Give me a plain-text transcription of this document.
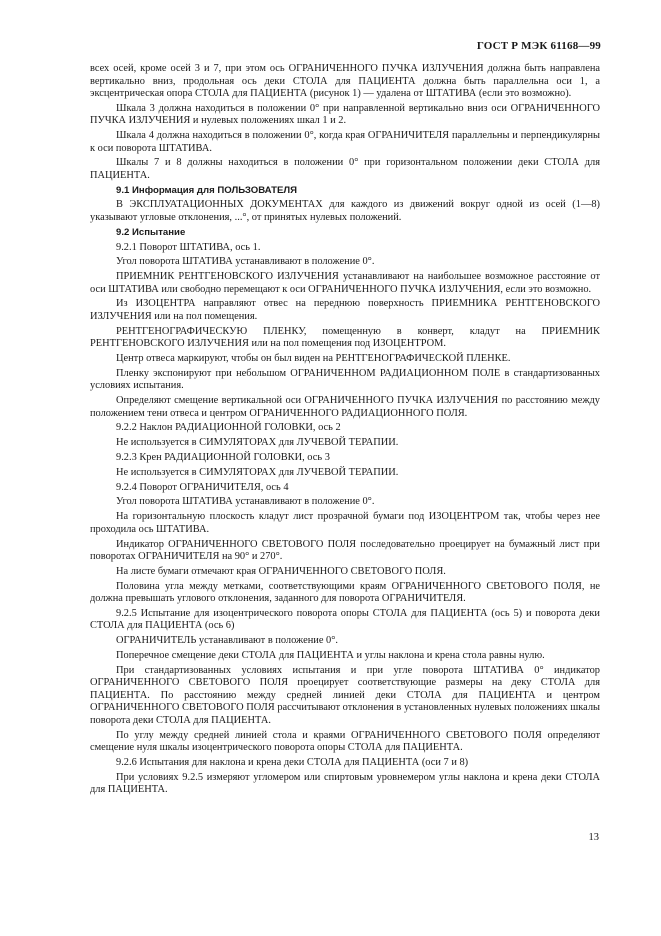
ГОСТ Р МЭК 61168—99

всех осей, кроме осей 3 и 7, при этом ось ОГРАНИЧЕННОГО ПУЧКА ИЗЛУЧЕНИЯ должна быть направлена вертикально вниз, продольная ось деки СТОЛА для ПАЦИЕНТА должна быть параллельна оси 1, а эксцентрическая опора СТОЛА для ПАЦИЕНТА (рисунок 1) — удалена от ШТАТИВА (если это возможно).

Шкала 3 должна находиться в положении 0° при направленной вертикально вниз оси ОГРАНИЧЕННОГО ПУЧКА ИЗЛУЧЕНИЯ и нулевых положениях шкал 1 и 2.

Шкала 4 должна находиться в положении 0°, когда края ОГРАНИЧИТЕЛЯ параллельны и перпендикулярны к оси поворота ШТАТИВА.

Шкалы 7 и 8 должны находиться в положении 0° при горизонтальном положении деки СТОЛА для ПАЦИЕНТА.

9.1 Информация для ПОЛЬЗОВАТЕЛЯ

В ЭКСПЛУАТАЦИОННЫХ ДОКУМЕНТАХ для каждого из движений вокруг одной из осей (1—8) указывают угловые отклонения, ...°, от принятых нулевых положений.

9.2 Испытание

9.2.1 Поворот ШТАТИВА, ось 1.

Угол поворота ШТАТИВА устанавливают в положение 0°.

ПРИЕМНИК РЕНТГЕНОВСКОГО ИЗЛУЧЕНИЯ устанавливают на наибольшее возможное расстояние от оси ШТАТИВА или свободно перемещают к оси ОГРАНИЧЕННОГО ПУЧКА ИЗЛУЧЕНИЯ, если это возможно.

Из ИЗОЦЕНТРА направляют отвес на переднюю поверхность ПРИЕМНИКА РЕНТГЕНОВСКОГО ИЗЛУЧЕНИЯ или на пол помещения.

РЕНТГЕНОГРАФИЧЕСКУЮ ПЛЕНКУ, помещенную в конверт, кладут на ПРИЕМНИК РЕНТГЕНОВСКОГО ИЗЛУЧЕНИЯ или на пол помещения под ИЗОЦЕНТРОМ.

Центр отвеса маркируют, чтобы он был виден на РЕНТГЕНОГРАФИЧЕСКОЙ ПЛЕНКЕ.

Пленку экспонируют при небольшом ОГРАНИЧЕННОМ РАДИАЦИОННОМ ПОЛЕ в стандартизованных условиях испытания.

Определяют смещение вертикальной оси ОГРАНИЧЕННОГО ПУЧКА ИЗЛУЧЕНИЯ по расстоянию между положением тени отвеса и центром ОГРАНИЧЕННОГО РАДИАЦИОННОГО ПОЛЯ.

9.2.2 Наклон РАДИАЦИОННОЙ ГОЛОВКИ, ось 2

Не используется в СИМУЛЯТОРАХ для ЛУЧЕВОЙ ТЕРАПИИ.

9.2.3 Крен РАДИАЦИОННОЙ ГОЛОВКИ, ось 3

Не используется в СИМУЛЯТОРАХ для ЛУЧЕВОЙ ТЕРАПИИ.

9.2.4 Поворот ОГРАНИЧИТЕЛЯ, ось 4

Угол поворота ШТАТИВА устанавливают в положение 0°.

На горизонтальную плоскость кладут лист прозрачной бумаги под ИЗОЦЕНТРОМ так, чтобы через нее проходила ось ШТАТИВА.

Индикатор ОГРАНИЧЕННОГО СВЕТОВОГО ПОЛЯ последовательно проецирует на бумажный лист при поворотах ОГРАНИЧИТЕЛЯ на 90° и 270°.

На листе бумаги отмечают края ОГРАНИЧЕННОГО СВЕТОВОГО ПОЛЯ.

Половина угла между метками, соответствующими краям ОГРАНИЧЕННОГО СВЕТОВОГО ПОЛЯ, не должна превышать углового отклонения, заданного для поворота ОГРАНИЧИТЕЛЯ.

9.2.5 Испытание для изоцентрического поворота опоры СТОЛА для ПАЦИЕНТА (ось 5) и поворота деки СТОЛА для ПАЦИЕНТА (ось 6)

ОГРАНИЧИТЕЛЬ устанавливают в положение 0°.

Поперечное смещение деки СТОЛА для ПАЦИЕНТА и углы наклона и крена стола равны нулю.

При стандартизованных условиях испытания и при угле поворота ШТАТИВА 0° индикатор ОГРАНИЧЕННОГО СВЕТОВОГО ПОЛЯ проецирует соответствующие размеры на деку СТОЛА для ПАЦИЕНТА. По расстоянию между средней линией деки СТОЛА для ПАЦИЕНТА и центром ОГРАНИЧЕННОГО СВЕТОВОГО ПОЛЯ рассчитывают отклонения в установленных нулевых положениях шкалы поворота деки СТОЛА для ПАЦИЕНТА.

По углу между средней линией стола и краями ОГРАНИЧЕННОГО СВЕТОВОГО ПОЛЯ определяют смещение нуля шкалы изоцентрического поворота опоры СТОЛА для ПАЦИЕНТА.

9.2.6 Испытания для наклона и крена деки СТОЛА для ПАЦИЕНТА (оси 7 и 8)

При условиях 9.2.5 измеряют угломером или спиртовым уровнемером углы наклона и крена деки СТОЛА для ПАЦИЕНТА.

13
